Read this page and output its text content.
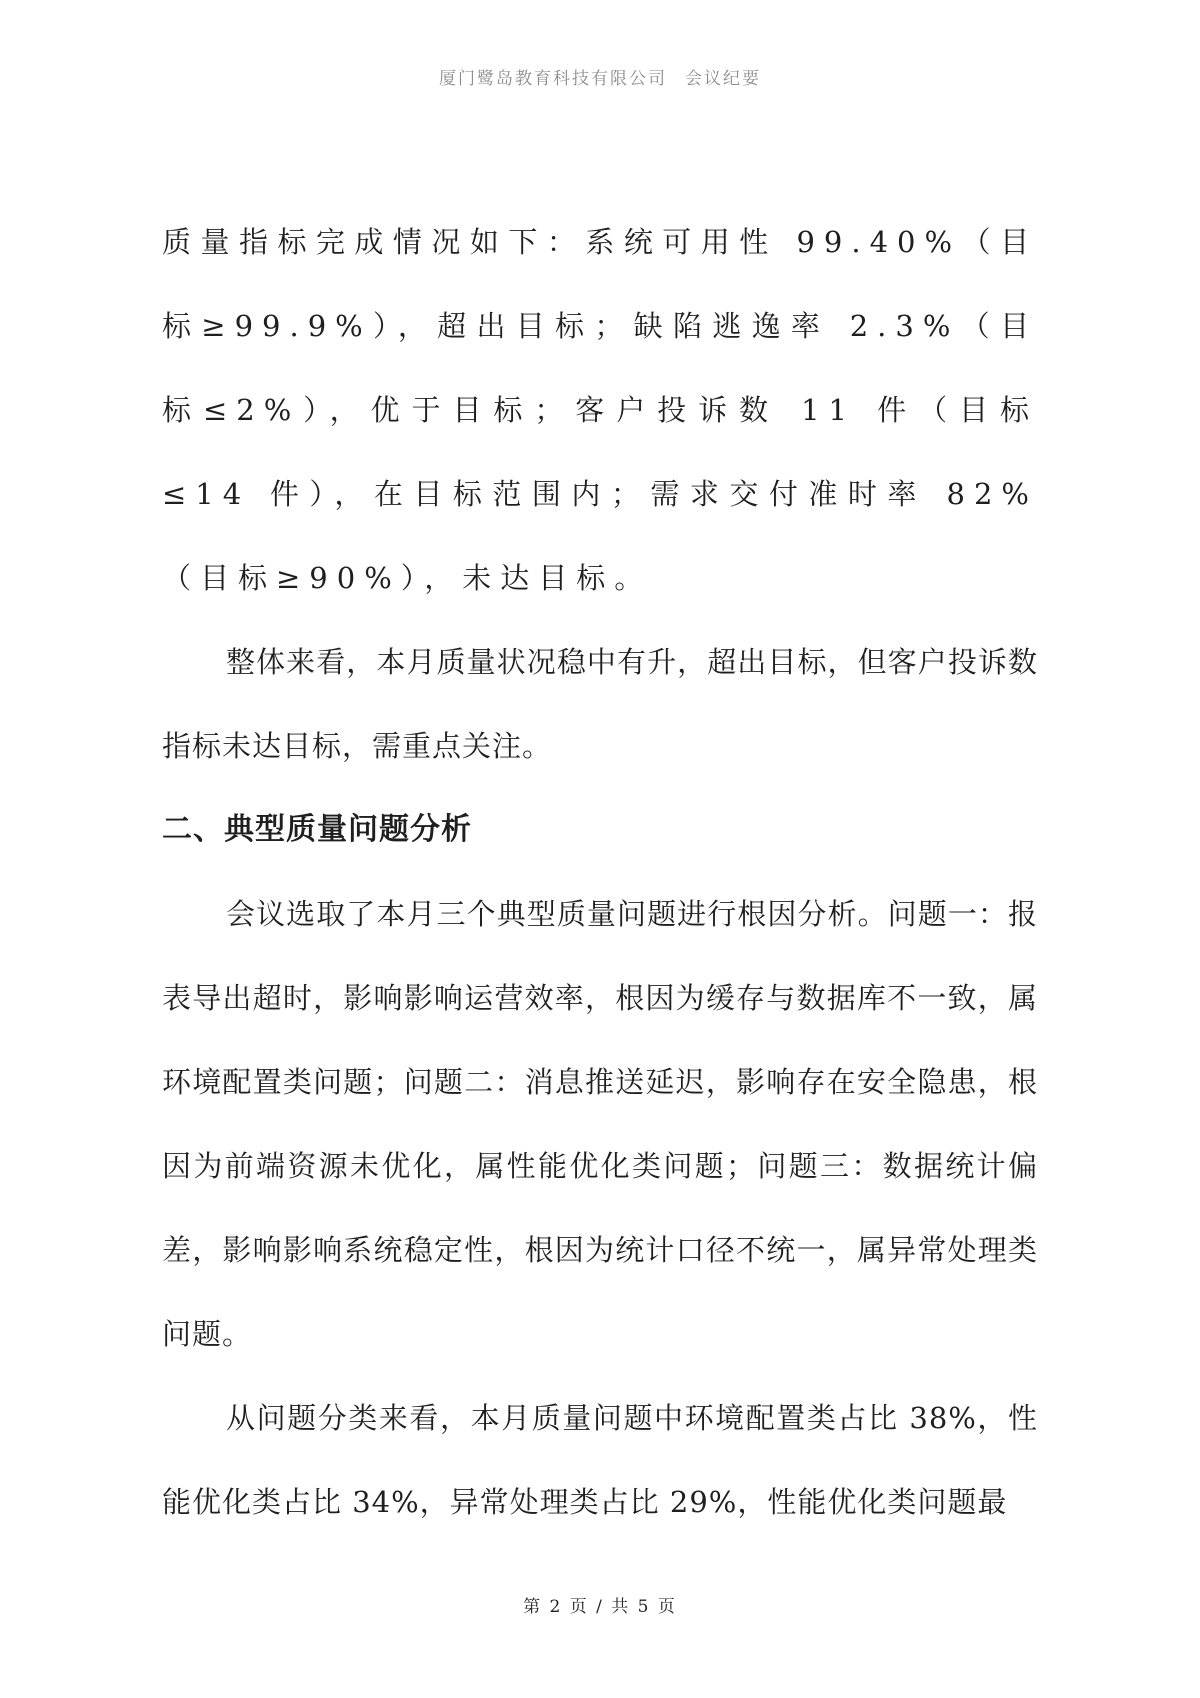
厦门鹭岛教育科技有限公司 会议纪要

质量指标完成情况如下：系统可用性 99.40%（目标≥99.9%），超出目标；缺陷逃逸率 2.3%（目标≤2%），优于目标；客户投诉数 11 件（目标≤14 件），在目标范围内；需求交付准时率 82%（目标≥90%），未达目标。

整体来看，本月质量状况稳中有升，超出目标，但客户投诉数指标未达目标，需重点关注。

二、典型质量问题分析

会议选取了本月三个典型质量问题进行根因分析。问题一：报表导出超时，影响影响运营效率，根因为缓存与数据库不一致，属环境配置类问题；问题二：消息推送延迟，影响存在安全隐患，根因为前端资源未优化，属性能优化类问题；问题三：数据统计偏差，影响影响系统稳定性，根因为统计口径不统一，属异常处理类问题。

从问题分类来看，本月质量问题中环境配置类占比 38%，性能优化类占比 34%，异常处理类占比 29%，性能优化类问题最

第 2 页 / 共 5 页
